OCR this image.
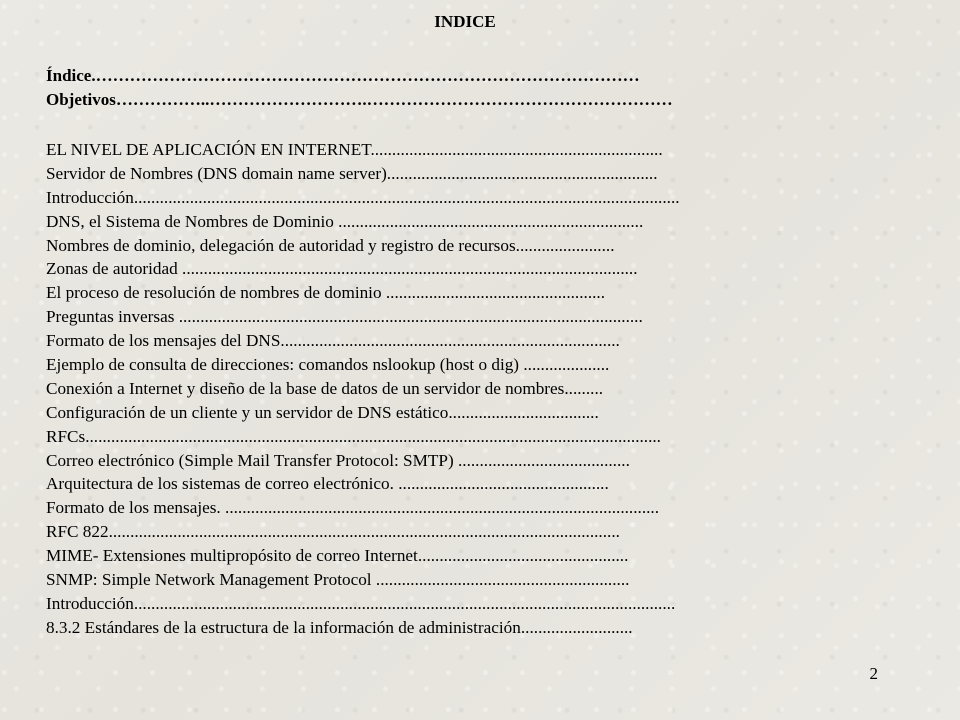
INDICE
Índice.……………………………………………………………………………………
Objetivos……………..……………………….………………………………………………
EL NIVEL DE APLICACIÓN EN INTERNET....................................................................
Servidor de Nombres (DNS domain name server)...............................................................
Introducción...............................................................................................................................
DNS, el Sistema de Nombres de Dominio .......................................................................
Nombres de dominio, delegación de autoridad y registro de recursos.......................
Zonas de autoridad ..........................................................................................................
El proceso de resolución de nombres de dominio ...................................................
Preguntas inversas ............................................................................................................
Formato de los mensajes del DNS...............................................................................
Ejemplo de consulta de direcciones: comandos nslookup (host o dig) ....................
Conexión a Internet y diseño de la base de datos de un servidor de nombres.........
Configuración de un cliente y un servidor de DNS estático...................................
RFCs......................................................................................................................................
Correo electrónico (Simple Mail Transfer Protocol: SMTP) ........................................
Arquitectura de los sistemas de correo electrónico. .................................................
Formato de los mensajes. .....................................................................................................
RFC 822.......................................................................................................................
MIME- Extensiones multipropósito de correo Internet.................................................
SNMP: Simple Network Management Protocol ...........................................................
Introducción..............................................................................................................................
8.3.2 Estándares de la estructura de la información de administración..........................
2
